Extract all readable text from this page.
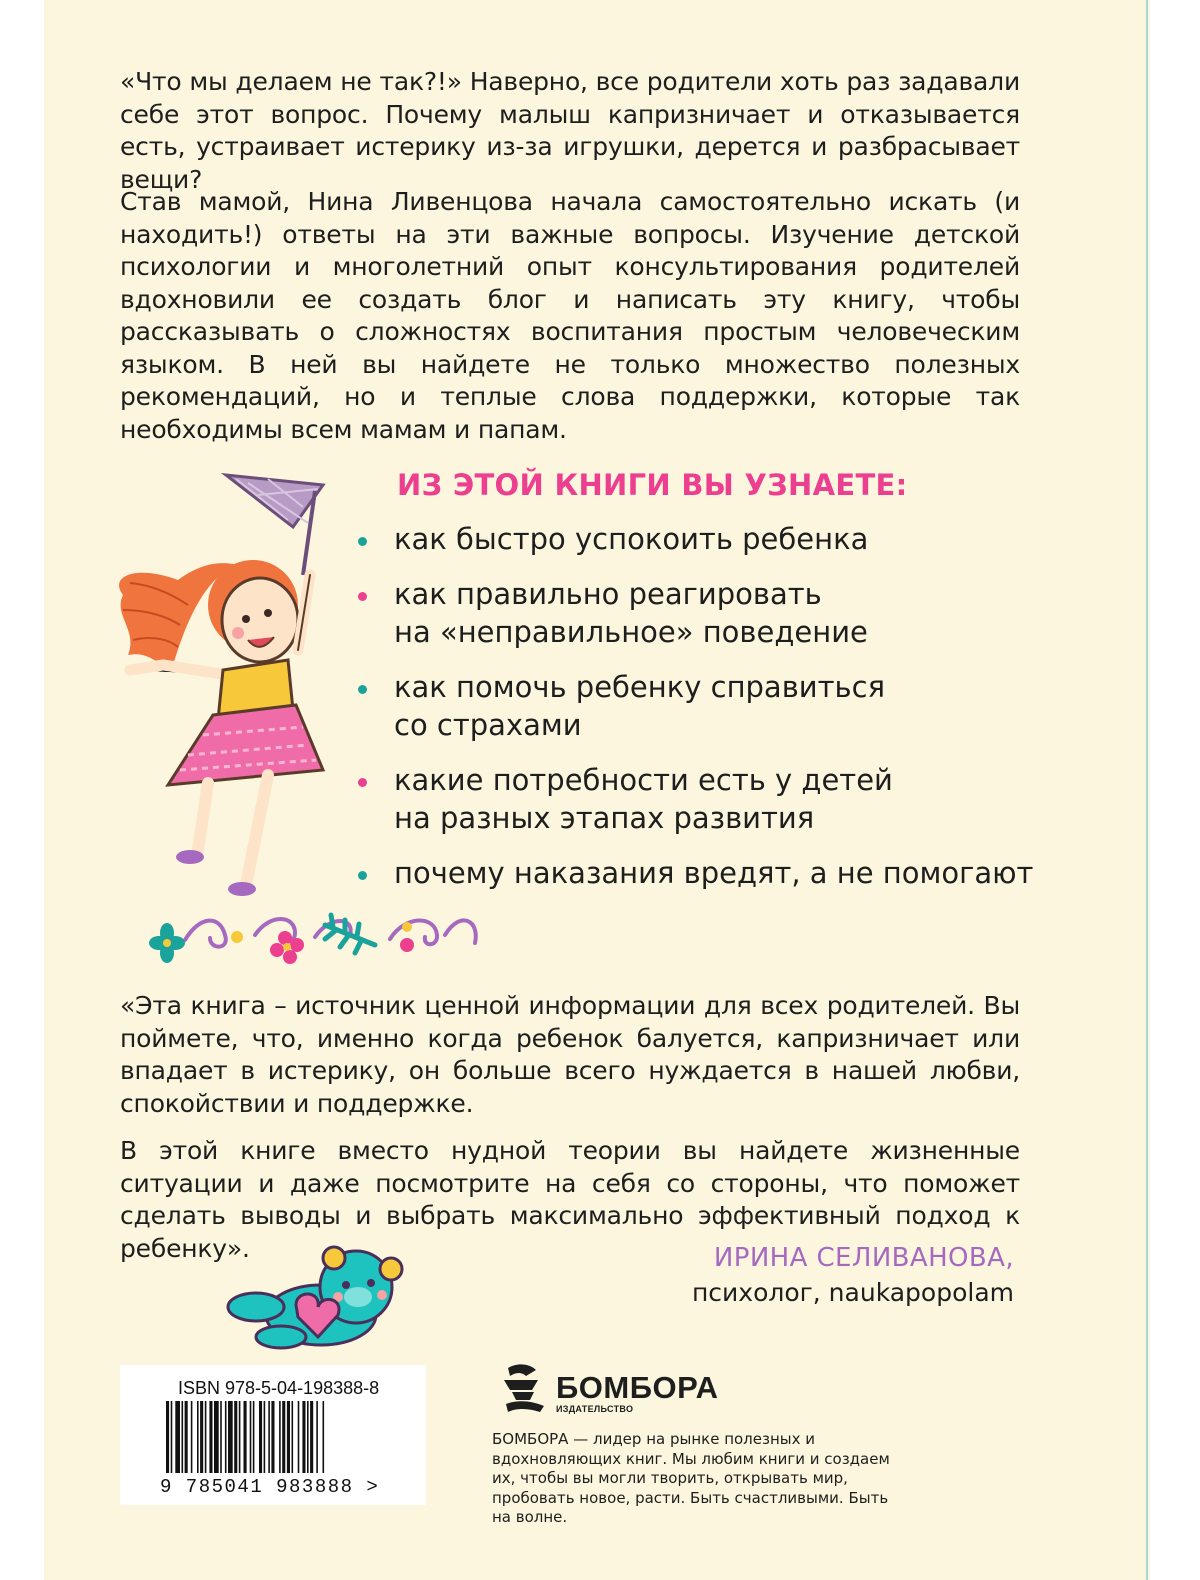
«Что мы делаем не так?!» Наверно, все родители хоть раз задавали себе этот вопрос. Почему малыш капризничает и отказывается есть, устраивает истерику из-за игрушки, дерется и разбрасывает вещи?

Став мамой, Нина Ливенцова начала самостоятельно искать (и находить!) ответы на эти важные вопросы. Изучение детской психологии и многолетний опыт консультирования родителей вдохновили ее создать блог и написать эту книгу, чтобы рассказывать о сложностях воспитания простым человеческим языком. В ней вы найдете не только множество полезных рекомендаций, но и теплые слова поддержки, которые так необходимы всем мамам и папам.

ИЗ ЭТОЙ КНИГИ ВЫ УЗНАЕТЕ:
как быстро успокоить ребенка
как правильно реагировать
на «неправильное» поведение
как помочь ребенку справиться
со страхами
какие потребности есть у детей
на разных этапах развития
почему наказания вредят, а не помогают

«Эта книга – источник ценной информации для всех родителей. Вы поймете, что, именно когда ребенок балуется, капризничает или впадает в истерику, он больше всего нуждается в нашей любви, спокойствии и поддержке.

В этой книге вместо нудной теории вы найдете жизненные ситуации и даже посмотрите на себя со стороны, что поможет сделать выводы и выбрать максимально эффективный подход к ребенку».	ИРИНА СЕЛИВАНОВА,
психолог, naukapopolam
ISBN 978-5-04-198388-8
9 785041 983888 >
БОМБОРА
ИЗДАТЕЛЬСТВО

БОМБОРА — лидер на рынке полезных и вдохновляющих книг. Мы любим книги и создаем их, чтобы вы могли творить, открывать мир, пробовать новое, расти. Быть счастливыми. Быть на волне.
